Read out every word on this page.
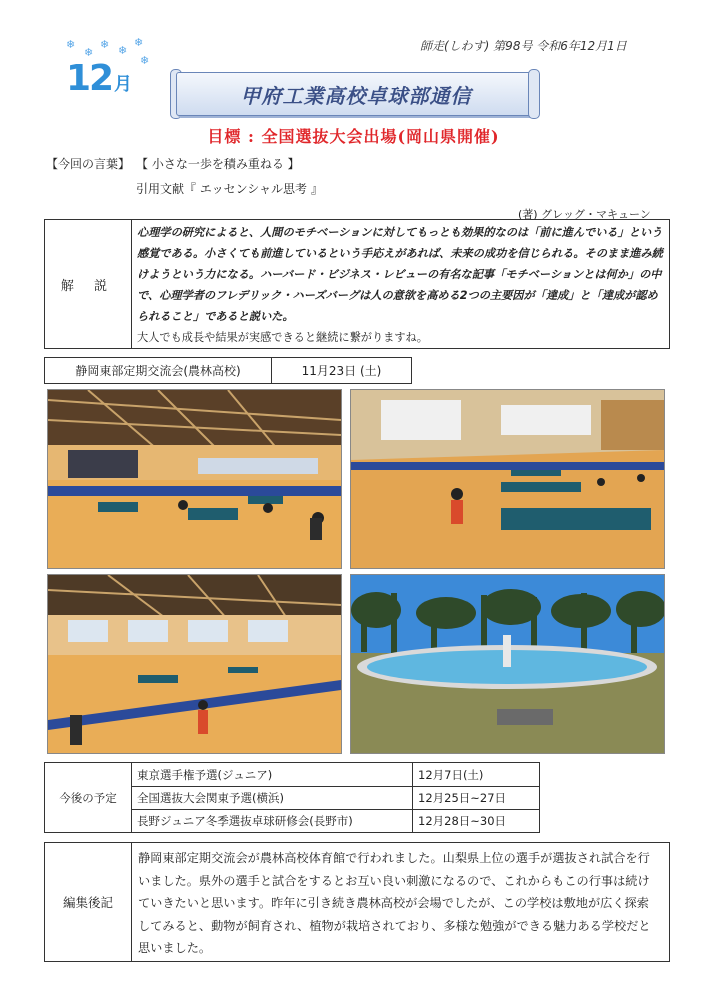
❄
❄
❄ ❄
❄
❄
12 月
師走(しわす) 第98号 令和6年12月1日
甲府工業高校卓球部通信
目標 : 全国選抜大会出場(岡山県開催)
【今回の言葉】 【 小さな一歩を積み重ねる 】
引用文献『 エッセンシャル思考 』
(著) グレッグ・マキューン
解 説
心理学の研究によると、人間のモチベーションに対してもっとも効果的なのは「前に進んでいる」という感覚である。小さくても前進しているという手応えがあれば、未来の成功を信じられる。そのまま進み続けようという力になる。ハーバード・ビジネス・レビューの有名な記事「モチベーションとは何か」の中で、心理学者のフレデリック・ハーズバーグは人の意欲を高める2つの主要因が「達成」と「達成が認められること」であると説いた。
大人でも成長や結果が実感できると継続に繋がりますね。
静岡東部定期交流会(農林高校)	11月23日 (土)
今後の予定
東京選手権予選(ジュニア)	12月7日(土)
全国選抜大会関東予選(横浜)	12月25日~27日
長野ジュニア冬季選抜卓球研修会(長野市)	12月28日~30日
編集後記
静岡東部定期交流会が農林高校体育館で行われました。山梨県上位の選手が選抜され試合を行いました。県外の選手と試合をするとお互い良い刺激になるので、これからもこの行事は続けていきたいと思います。昨年に引き続き農林高校が会場でしたが、この学校は敷地が広く探索してみると、動物が飼育され、植物が栽培されており、多様な勉強ができる魅力ある学校だと思いました。
